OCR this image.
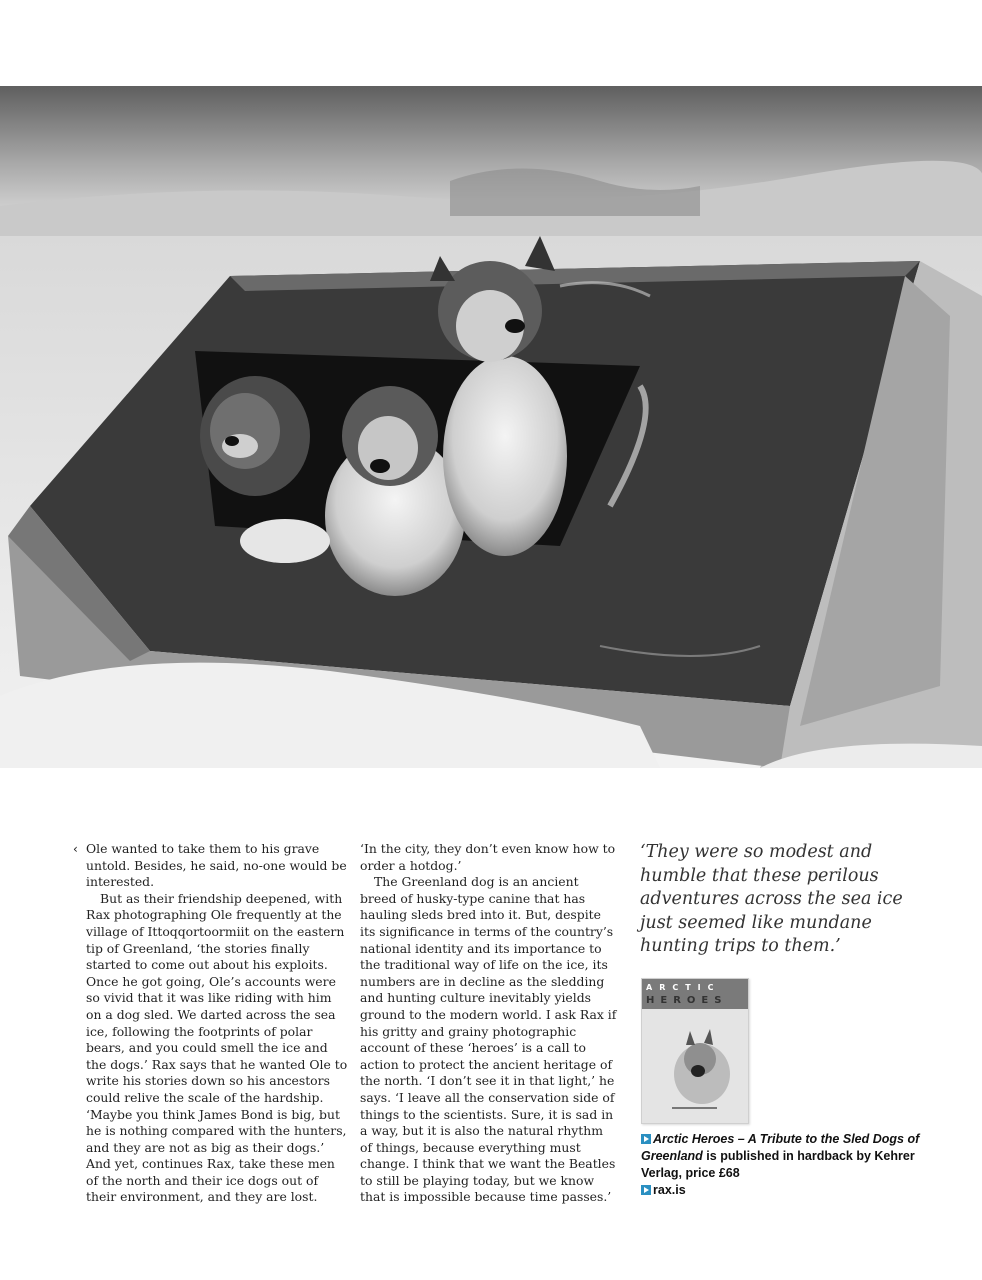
‹ Ole wanted to take them to his grave untold. Besides, he said, no-one would be interested.

But as their friendship deepened, with Rax photographing Ole frequently at the village of Ittoqqortoormiit on the eastern tip of Greenland, ‘the stories finally started to come out about his exploits. Once he got going, Ole’s accounts were so vivid that it was like riding with him on a dog sled. We darted across the sea ice, following the footprints of polar bears, and you could smell the ice and the dogs.’ Rax says that he wanted Ole to write his stories down so his ancestors could relive the scale of the hardship. ‘Maybe you think James Bond is big, but he is nothing compared with the hunters, and they are not as big as their dogs.’ And yet, continues Rax, take these men of the north and their ice dogs out of their environment, and they are lost.

‘In the city, they don’t even know how to order a hotdog.’

The Greenland dog is an ancient breed of husky-type canine that has hauling sleds bred into it. But, despite its significance in terms of the country’s national identity and its importance to the traditional way of life on the ice, its numbers are in decline as the sledding and hunting culture inevitably yields ground to the modern world. I ask Rax if his gritty and grainy photographic account of these ‘heroes’ is a call to action to protect the ancient heritage of the north. ‘I don’t see it in that light,’ he says. ‘I leave all the conservation side of things to the scientists. Sure, it is sad in a way, but it is also the natural rhythm of things, because everything must change. I think that we want the Beatles to still be playing today, but we know that is impossible because time passes.’

‘They were so modest and humble that these perilous adventures across the sea ice just seemed like mundane hunting trips to them.’
ARCTIC
HEROES
Arctic Heroes – A Tribute to the Sled Dogs of Greenland is published in hardback by Kehrer Verlag, price £68
rax.is
